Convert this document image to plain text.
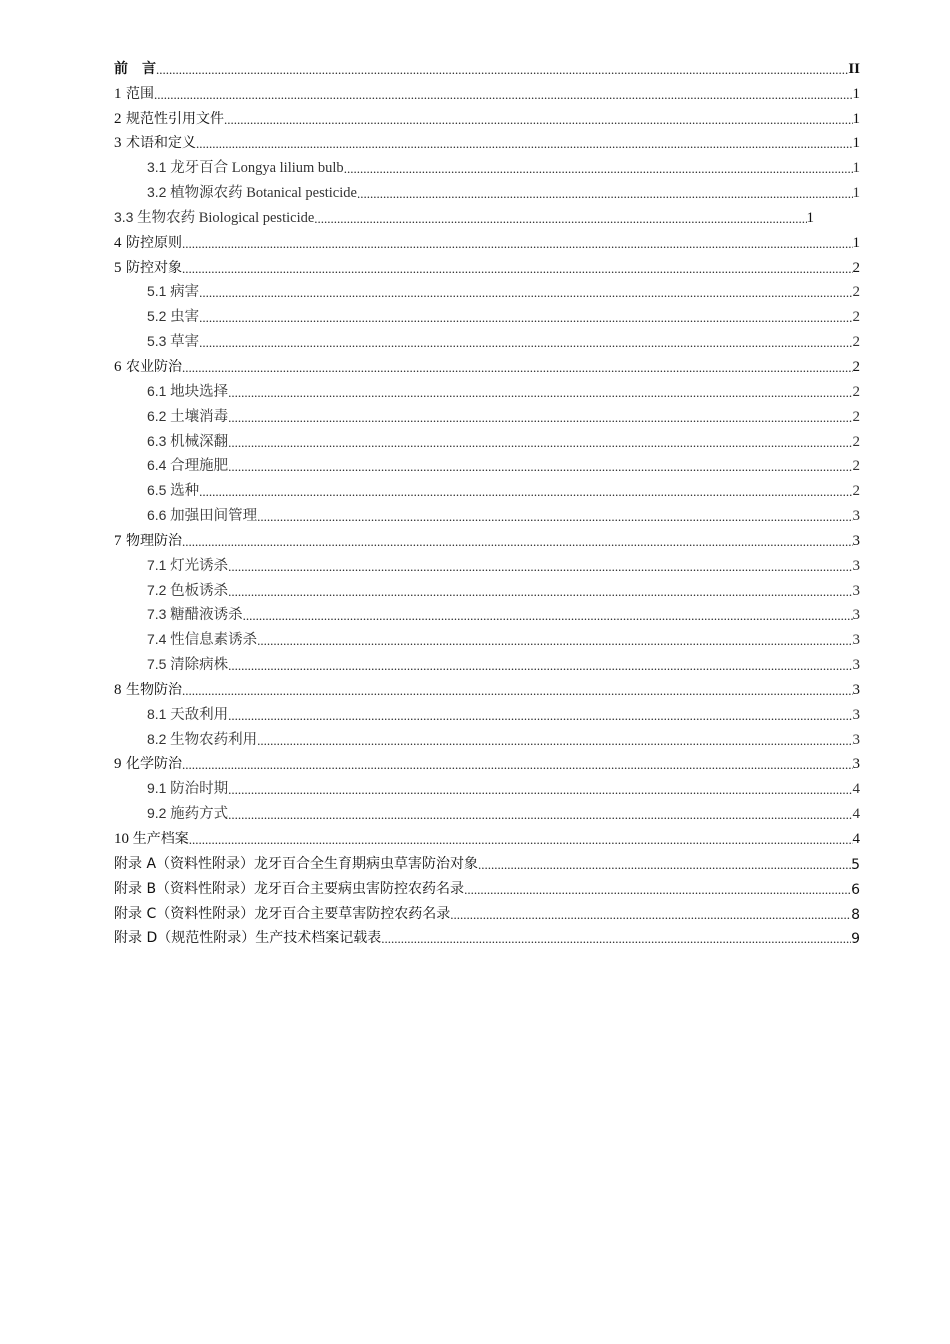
前　言 .....	II
1 范围 .....	1
2 规范性引用文件 .....	1
3 术语和定义 .....	1
3.1 龙牙百合 Longya lilium bulb .....	1
3.2 植物源农药 Botanical pesticide .....	1
3.3 生物农药 Biological pesticide .....	1
4 防控原则 .....	1
5 防控对象 .....	2
5.1 病害 .....	2
5.2 虫害 .....	2
5.3 草害 .....	2
6 农业防治 .....	2
6.1 地块选择 .....	2
6.2 土壤消毒 .....	2
6.3 机械深翻 .....	2
6.4 合理施肥 .....	2
6.5 选种 .....	2
6.6 加强田间管理 .....	3
7 物理防治 .....	3
7.1 灯光诱杀 .....	3
7.2 色板诱杀 .....	3
7.3 糖醋液诱杀 .....	3
7.4 性信息素诱杀 .....	3
7.5 清除病株 .....	3
8 生物防治 .....	3
8.1 天敌利用 .....	3
8.2 生物农药利用 .....	3
9 化学防治 .....	3
9.1 防治时期 .....	4
9.2 施药方式 .....	4
10 生产档案 .....	4
附录 A（资料性附录）龙牙百合全生育期病虫草害防治对象 .....	5
附录 B（资料性附录）龙牙百合主要病虫害防控农药名录 .....	6
附录 C（资料性附录）龙牙百合主要草害防控农药名录 .....	8
附录 D（规范性附录）生产技术档案记载表 .....	9
